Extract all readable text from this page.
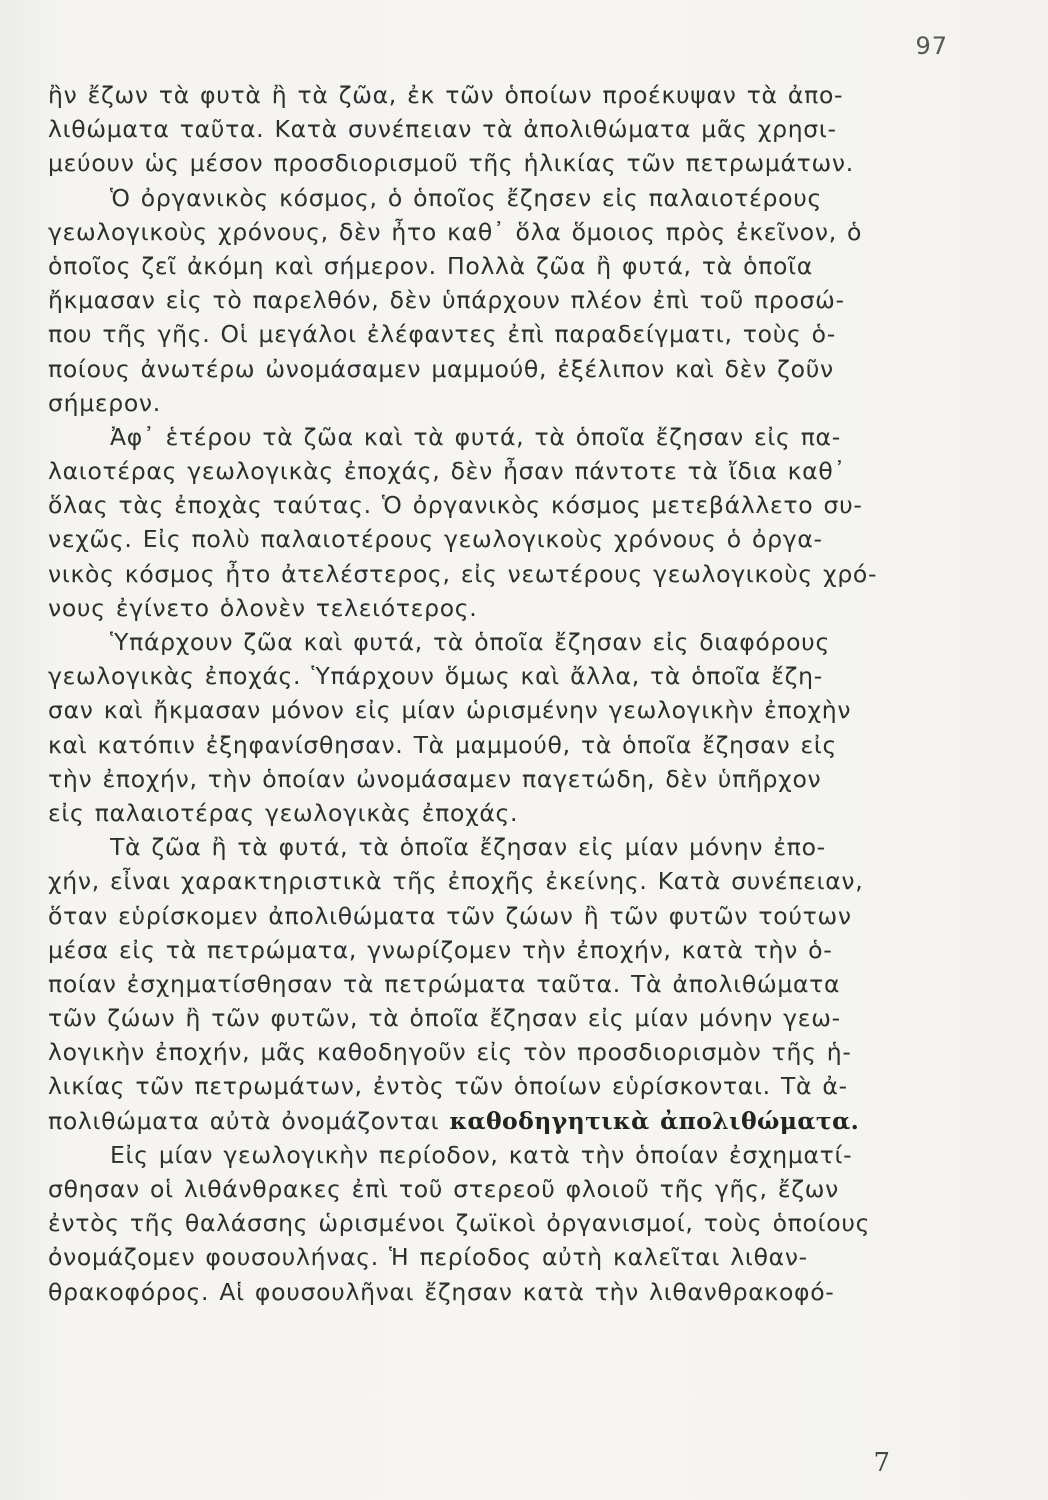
97
ἢν ἔζων τὰ φυτὰ ἢ τὰ ζῶα, ἐκ τῶν ὁποίων προέκυψαν τὰ ἀπο-
λιθώματα ταῦτα. Κατὰ συνέπειαν τὰ ἀπολιθώματα μᾶς χρησι-
μεύουν ὡς μέσον προσδιορισμοῦ τῆς ἡλικίας τῶν πετρωμάτων.
Ὁ ὀργανικὸς κόσμος, ὁ ὁποῖος ἔζησεν εἰς παλαιοτέρους
γεωλογικοὺς χρόνους, δὲν ἦτο καθ᾽ ὅλα ὅμοιος πρὸς ἐκεῖνον, ὁ
ὁποῖος ζεῖ ἀκόμη καὶ σήμερον. Πολλὰ ζῶα ἢ φυτά, τὰ ὁποῖα
ἤκμασαν εἰς τὸ παρελθόν, δὲν ὑπάρχουν πλέον ἐπὶ τοῦ προσώ-
που τῆς γῆς. Οἱ μεγάλοι ἐλέφαντες ἐπὶ παραδείγματι, τοὺς ὁ-
ποίους ἀνωτέρω ὠνομάσαμεν μαμμούθ, ἐξέλιπον καὶ δὲν ζοῦν
σήμερον.
Ἀφ᾽ ἑτέρου τὰ ζῶα καὶ τὰ φυτά, τὰ ὁποῖα ἔζησαν εἰς πα-
λαιοτέρας γεωλογικὰς ἐποχάς, δὲν ἦσαν πάντοτε τὰ ἴδια καθ᾽
ὅλας τὰς ἐποχὰς ταύτας. Ὁ ὀργανικὸς κόσμος μετεβάλλετο συ-
νεχῶς. Εἰς πολὺ παλαιοτέρους γεωλογικοὺς χρόνους ὁ ὀργα-
νικὸς κόσμος ἦτο ἀτελέστερος, εἰς νεωτέρους γεωλογικοὺς χρό-
νους ἐγίνετο ὁλονὲν τελειότερος.
Ὑπάρχουν ζῶα καὶ φυτά, τὰ ὁποῖα ἔζησαν εἰς διαφόρους
γεωλογικὰς ἐποχάς. Ὑπάρχουν ὅμως καὶ ἄλλα, τὰ ὁποῖα ἔζη-
σαν καὶ ἤκμασαν μόνον εἰς μίαν ὡρισμένην γεωλογικὴν ἐποχὴν
καὶ κατόπιν ἐξηφανίσθησαν. Τὰ μαμμούθ, τὰ ὁποῖα ἔζησαν εἰς
τὴν ἐποχήν, τὴν ὁποίαν ὠνομάσαμεν παγετώδη, δὲν ὑπῆρχον
εἰς παλαιοτέρας γεωλογικὰς ἐποχάς.
Τὰ ζῶα ἢ τὰ φυτά, τὰ ὁποῖα ἔζησαν εἰς μίαν μόνην ἐπο-
χήν, εἶναι χαρακτηριστικὰ τῆς ἐποχῆς ἐκείνης. Κατὰ συνέπειαν,
ὅταν εὑρίσκομεν ἀπολιθώματα τῶν ζώων ἢ τῶν φυτῶν τούτων
μέσα εἰς τὰ πετρώματα, γνωρίζομεν τὴν ἐποχήν, κατὰ τὴν ὁ-
ποίαν ἐσχηματίσθησαν τὰ πετρώματα ταῦτα. Τὰ ἀπολιθώματα
τῶν ζώων ἢ τῶν φυτῶν, τὰ ὁποῖα ἔζησαν εἰς μίαν μόνην γεω-
λογικὴν ἐποχήν, μᾶς καθοδηγοῦν εἰς τὸν προσδιορισμὸν τῆς ἡ-
λικίας τῶν πετρωμάτων, ἐντὸς τῶν ὁποίων εὑρίσκονται. Τὰ ἀ-
πολιθώματα αὐτὰ ὀνομάζονται καθοδηγητικὰ ἀπολιθώματα.
Εἰς μίαν γεωλογικὴν περίοδον, κατὰ τὴν ὁποίαν ἐσχηματί-
σθησαν οἱ λιθάνθρακες ἐπὶ τοῦ στερεοῦ φλοιοῦ τῆς γῆς, ἔζων
ἐντὸς τῆς θαλάσσης ὡρισμένοι ζωϊκοὶ ὀργανισμοί, τοὺς ὁποίους
ὀνομάζομεν φουσουλήνας. Ἡ περίοδος αὐτὴ καλεῖται λιθαν-
θρακοφόρος. Αἱ φουσουλῆναι ἔζησαν κατὰ τὴν λιθανθρακοφό-
7
